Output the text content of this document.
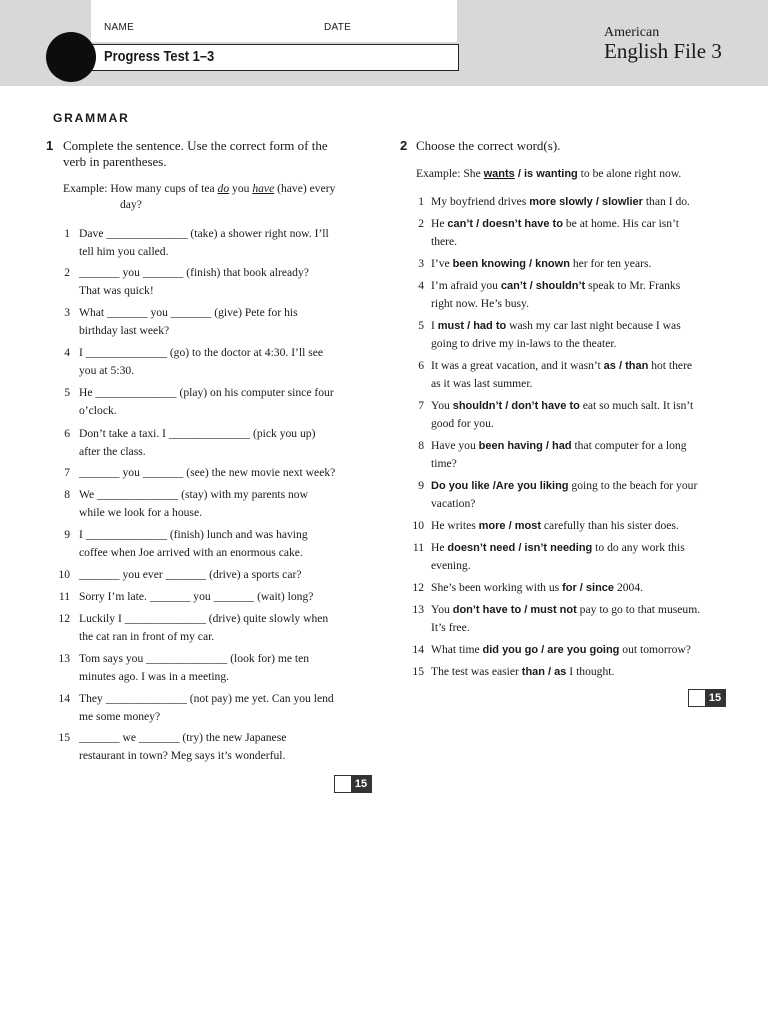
NAME	DATE
Progress Test 1–3
American
English File 3
GRAMMAR
1 Complete the sentence. Use the correct form of the
verb in parentheses.
Example: How many cups of tea do you have (have) every
day?
1 Dave ______________ (take) a shower right now. I’ll
tell him you called.
2 _______ you _______ (finish) that book already?
That was quick!
3 What _______ you _______ (give) Pete for his
birthday last week?
4 I ______________ (go) to the doctor at 4:30. I’ll see
you at 5:30.
5 He ______________ (play) on his computer since four
o’clock.
6 Don’t take a taxi. I ______________ (pick you up)
after the class.
7 _______ you _______ (see) the new movie next week?
8 We ______________ (stay) with my parents now
while we look for a house.
9 I ______________ (finish) lunch and was having
coffee when Joe arrived with an enormous cake.
10 _______ you ever _______ (drive) a sports car?
11 Sorry I’m late. _______ you _______ (wait) long?
12 Luckily I ______________ (drive) quite slowly when
the cat ran in front of my car.
13 Tom says you ______________ (look for) me ten
minutes ago. I was in a meeting.
14 They ______________ (not pay) me yet. Can you lend
me some money?
15 _______ we _______ (try) the new Japanese
restaurant in town? Meg says it’s wonderful.
15
2 Choose the correct word(s).
Example: She wants / is wanting to be alone right now.
1 My boyfriend drives more slowly / slowlier than I do.
2 He can’t / doesn’t have to be at home. His car isn’t
there.
3 I’ve been knowing / known her for ten years.
4 I’m afraid you can’t / shouldn’t speak to Mr. Franks
right now. He’s busy.
5 I must / had to wash my car last night because I was
going to drive my in-laws to the theater.
6 It was a great vacation, and it wasn’t as / than hot there
as it was last summer.
7 You shouldn’t / don’t have to eat so much salt. It isn’t
good for you.
8 Have you been having / had that computer for a long
time?
9 Do you like /Are you liking going to the beach for your
vacation?
10 He writes more / most carefully than his sister does.
11 He doesn’t need / isn’t needing to do any work this
evening.
12 She’s been working with us for / since 2004.
13 You don’t have to / must not pay to go to that museum.
It’s free.
14 What time did you go / are you going out tomorrow?
15 The test was easier than / as I thought.
15
